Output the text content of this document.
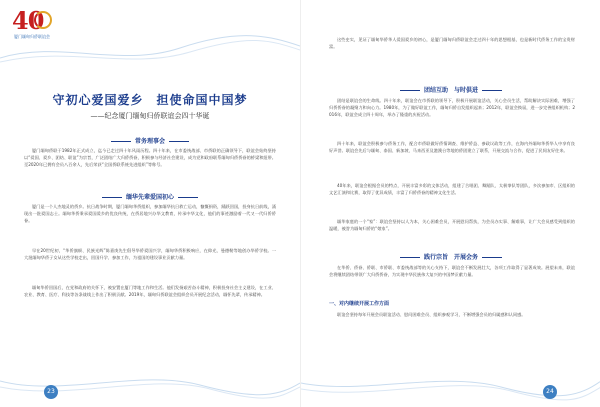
40
厦门缅甸归侨联谊会
守初心爱国爱乡　担使命国中国梦
——纪念厦门缅甸归侨联谊会四十华诞
常务理事会
厦门缅甸侨联于1982年正式成立，迄今已走过四十年风雨历程。四十年来，在市委统战部、市侨联的正确领导下，联谊会始终坚持以“爱国、爱乡、团结、联谊”为宗旨，广泛团结广大归侨侨眷，积极参与经济社会建设，成为党和政府联系缅甸归侨侨眷的桥梁和纽带。至2020年已拥有会员八百余人，先后荣获“全国侨联系统先进组织”等称号。
缅华先辈爱国初心
厦门是一个人杰地灵的侨乡。抗日战争时期，厦门缅甸华侨组织，参加缅华抗日救亡运动，慷慨捐资，踊跃回国，投身抗日前线，涌现出一批爱国志士。缅甸华侨秉承爱国爱乡的优良传统，在侨居地兴办华文教育，传承中华文化，他们的事迹激励着一代又一代归侨侨眷。
早在20世纪初，“华侨旗帜、民族光辉”陈嘉庚先生倡导华侨爱国兴学，缅甸华侨积极响应，在仰光、曼德勒等地创办华侨学校。一大批缅甸华侨子女从这些学校走出，回国升学、参加工作，为祖国的建设事业贡献力量。
缅甸华侨回国后，在党和政府的关怀下，被安置在厦门等地工作和生活。他们发扬艰苦奋斗精神，积极投身社会主义建设，在工业、农业、教育、医疗、科技等各条战线上作出了积极贡献。2019年，缅甸归侨联谊会组织会员开展纪念活动，缅怀先辈，传承精神。
23
这些史实，见证了缅甸华侨华人爱国爱乡的初心，是厦门缅甸归侨联谊会走过四十年的思想根基，也是新时代侨务工作的宝贵财富。
团结互助　与时俱进
团结是联谊会的生命线。四十年来，联谊会在市侨联的领导下，积极开展联谊活动，关心会员生活，帮助解决实际困难，增强了归侨侨眷的凝聚力和向心力。1980年，为了做好联谊工作，缅甸归侨自发组织起来；2012年，联谊会换届，进一步完善组织机构；2016年，联谊会成立四十周年，举办了隆重的庆祝活动。
四十年来，联谊会积极参与侨务工作，配合市侨联做好侨情调查、维护侨益、参政议政等工作，在海内外缅甸华侨华人中享有良好声誉。联谊会先后与缅甸、泰国、新加坡、马来西亚及港澳台等地的侨团建立了联系，开展交流与合作，促进了民间友好往来。
40年来，联谊会根据会员的特点，开展丰富多彩的文体活动，组建了合唱团、舞蹈队、太极拳队等团队，多次参加市、区组织的文艺汇演和比赛，取得了优异成绩，丰富了归侨侨眷的精神文化生活。
缅华家庭的一个“家”：联谊会坚持以人为本，关心困难会员，开展慰问帮扶，为会员办实事、解难事，让广大会员感受到组织的温暖，被誉为缅甸归侨的“娘家”。
践行宗旨　开展会务
在华侨、侨眷、侨联、市侨联、市委统战部等的关心支持下，联谊会不断发展壮大，各项工作取得了显著成效。展望未来，联谊会将继续团结带领广大归侨侨眷，为实现中华民族伟大复兴的中国梦贡献力量。
一、对内继续开展工作方面
联谊会坚持每年开展会员联谊活动、慰问困难会员、组织参观学习，不断增强会员的归属感和认同感。
24
